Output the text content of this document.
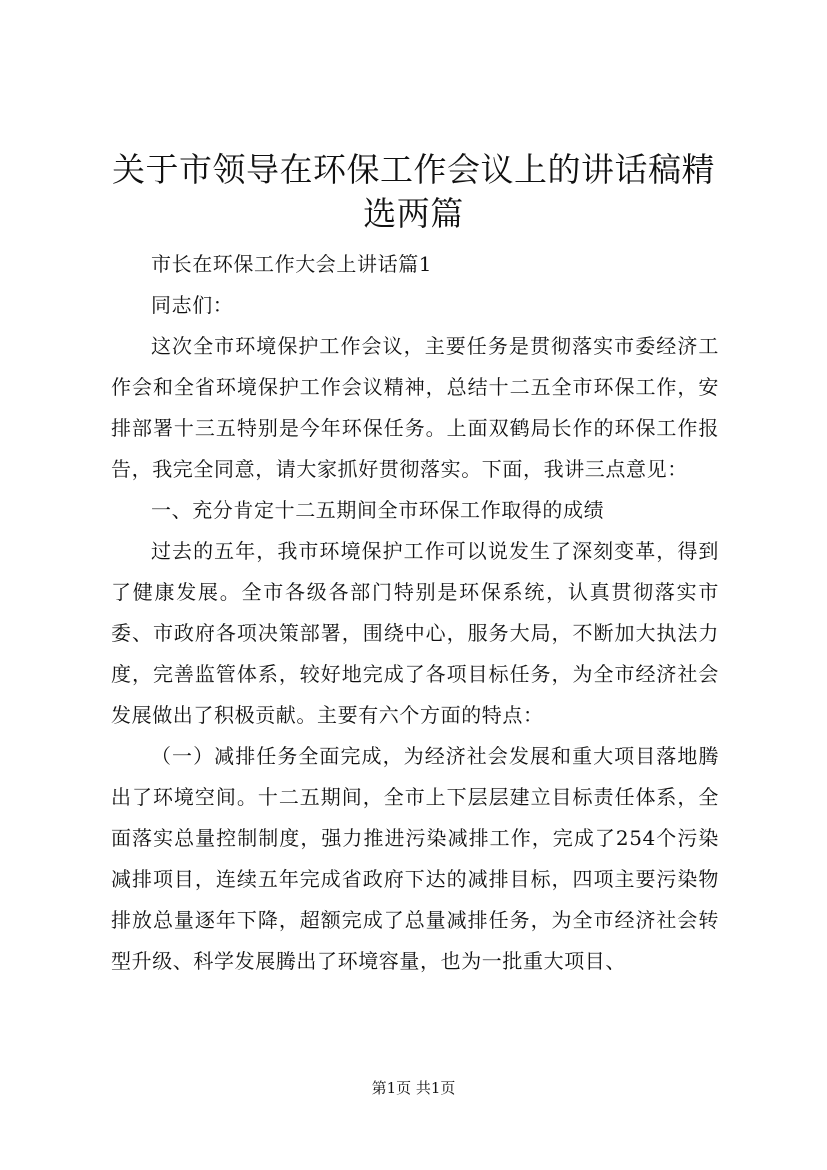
关于市领导在环保工作会议上的讲话稿精选两篇

市长在环保工作大会上讲话篇1

同志们：

这次全市环境保护工作会议，主要任务是贯彻落实市委经济工作会和全省环境保护工作会议精神，总结十二五全市环保工作，安排部署十三五特别是今年环保任务。上面双鹤局长作的环保工作报告，我完全同意，请大家抓好贯彻落实。下面，我讲三点意见：

一、充分肯定十二五期间全市环保工作取得的成绩

过去的五年，我市环境保护工作可以说发生了深刻变革，得到了健康发展。全市各级各部门特别是环保系统，认真贯彻落实市委、市政府各项决策部署，围绕中心，服务大局，不断加大执法力度，完善监管体系，较好地完成了各项目标任务，为全市经济社会发展做出了积极贡献。主要有六个方面的特点：

（一）减排任务全面完成，为经济社会发展和重大项目落地腾出了环境空间。十二五期间，全市上下层层建立目标责任体系，全面落实总量控制制度，强力推进污染减排工作，完成了254个污染减排项目，连续五年完成省政府下达的减排目标，四项主要污染物排放总量逐年下降，超额完成了总量减排任务，为全市经济社会转型升级、科学发展腾出了环境容量，也为一批重大项目、

第1页 共1页
